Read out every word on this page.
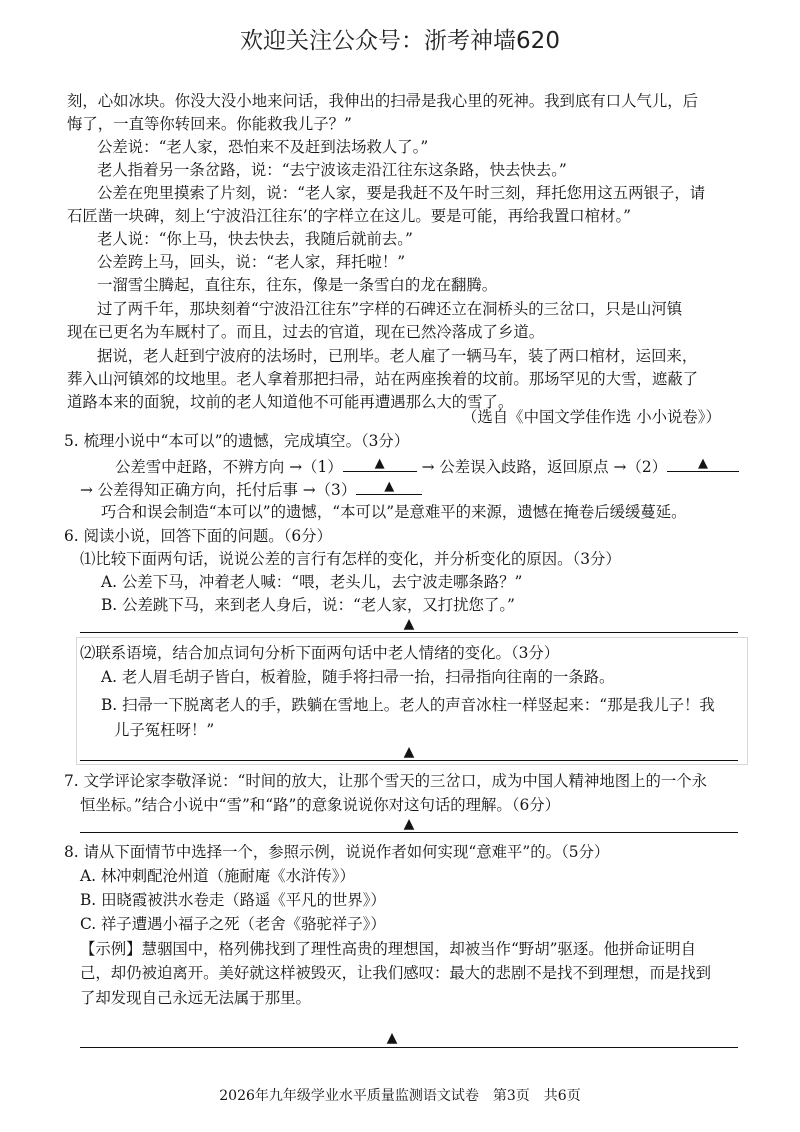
欢迎关注公众号：浙考神墙620
刻，心如冰块。你没大没小地来问话，我伸出的扫帚是我心里的死神。我到底有口人气儿，后
悔了，一直等你转回来。你能救我儿子？”
公差说：“老人家，恐怕来不及赶到法场救人了。”
老人指着另一条岔路，说：“去宁波该走沿江往东这条路，快去快去。”
公差在兜里摸索了片刻，说：“老人家，要是我赶不及午时三刻，拜托您用这五两银子，请
石匠凿一块碑，刻上‘宁波沿江往东’的字样立在这儿。要是可能，再给我置口棺材。”
老人说：“你上马，快去快去，我随后就前去。”
公差跨上马，回头，说：“老人家，拜托啦！”
一溜雪尘腾起，直往东，往东，像是一条雪白的龙在翻腾。
过了两千年，那块刻着“宁波沿江往东”字样的石碑还立在洞桥头的三岔口，只是山河镇
现在已更名为车厩村了。而且，过去的官道，现在已然冷落成了乡道。
据说，老人赶到宁波府的法场时，已刑毕。老人雇了一辆马车，装了两口棺材，运回来，
葬入山河镇郊的坟地里。老人拿着那把扫帚，站在两座挨着的坟前。那场罕见的大雪，遮蔽了
道路本来的面貌，坟前的老人知道他不可能再遭遇那么大的雪了。
（选自《中国文学佳作选 小小说卷》）
5. 梳理小说中“本可以”的遗憾，完成填空。（3分）
公差雪中赶路，不辨方向 →（1） ▲ → 公差误入歧路，返回原点 →（2） ▲
→ 公差得知正确方向，托付后事 →（3） ▲
巧合和误会制造“本可以”的遗憾，“本可以”是意难平的来源，遗憾在掩卷后缓缓蔓延。
6. 阅读小说，回答下面的问题。（6分）
⑴比较下面两句话，说说公差的言行有怎样的变化，并分析变化的原因。（3分）
A. 公差下马，冲着老人喊：“喂，老头儿，去宁波走哪条路？”
B. 公差跳下马，来到老人身后，说：“老人家，又打扰您了。”
▲
⑵联系语境，结合加点词句分析下面两句话中老人情绪的变化。（3分）
A. 老人眉毛胡子皆白，板着脸，随手将扫帚一抬，扫帚指向往南的一条路。
B. 扫帚一下脱离老人的手，跌躺在雪地上。老人的声音冰柱一样竖起来：“那是我儿子！我
儿子冤枉呀！”
▲
7. 文学评论家李敬泽说：“时间的放大，让那个雪天的三岔口，成为中国人精神地图上的一个永
恒坐标。”结合小说中“雪”和“路”的意象说说你对这句话的理解。（6分）
▲
8. 请从下面情节中选择一个，参照示例，说说作者如何实现“意难平”的。（5分）
A. 林冲刺配沧州道（施耐庵《水浒传》）
B. 田晓霞被洪水卷走（路遥《平凡的世界》）
C. 祥子遭遇小福子之死（老舍《骆驼祥子》）
【示例】慧骃国中，格列佛找到了理性高贵的理想国，却被当作“野胡”驱逐。他拼命证明自
己，却仍被迫离开。美好就这样被毁灭，让我们感叹：最大的悲剧不是找不到理想，而是找到
了却发现自己永远无法属于那里。
▲
2026年九年级学业水平质量监测语文试卷　第3页　共6页
